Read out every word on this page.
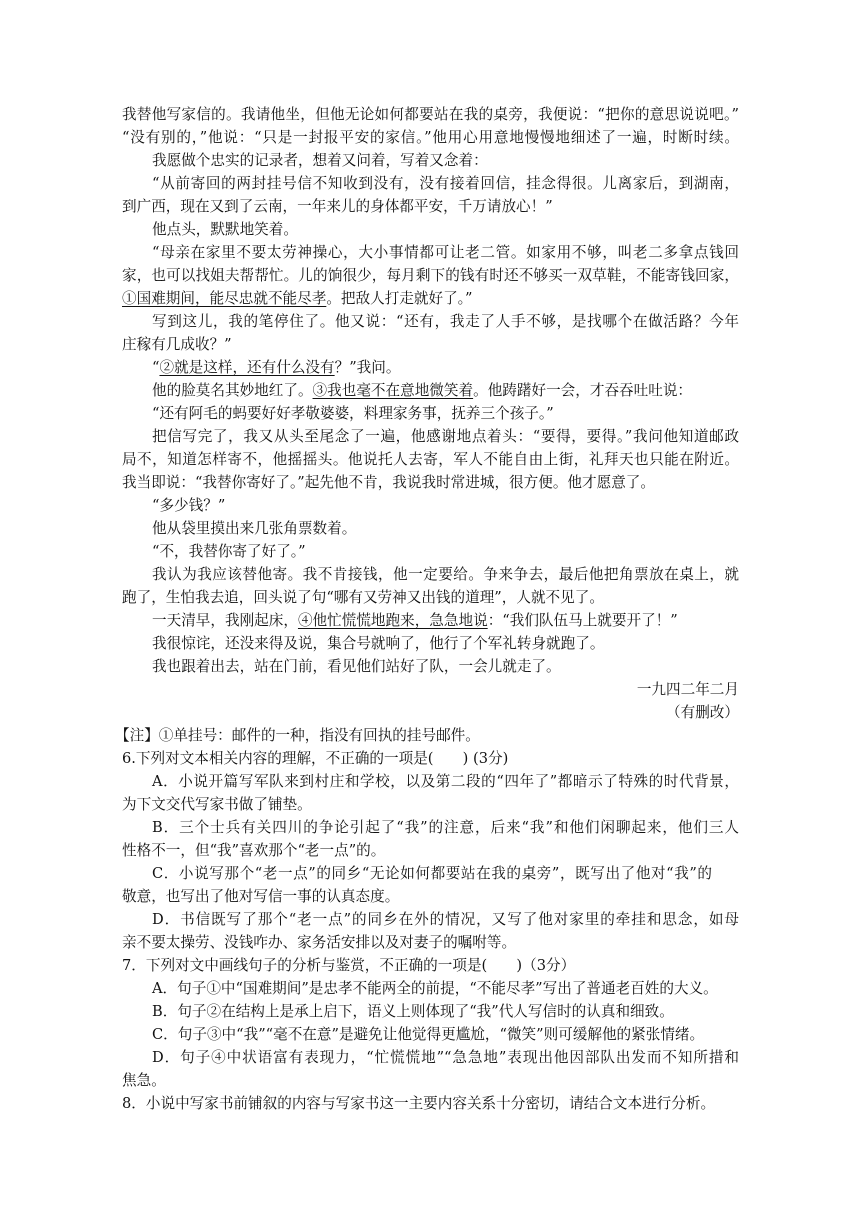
我替他写家信的。我请他坐，但他无论如何都要站在我的桌旁，我便说：“把你的意思说说吧。”
“没有别的，”他说：“只是一封报平安的家信。”他用心用意地慢慢地细述了一遍，时断时续。
我愿做个忠实的记录者，想着又问着，写着又念着：
“从前寄回的两封挂号信不知收到没有，没有接着回信，挂念得很。儿离家后，到湖南，
到广西，现在又到了云南，一年来儿的身体都平安，千万请放心！”
他点头，默默地笑着。
“母亲在家里不要太劳神操心，大小事情都可让老二管。如家用不够，叫老二多拿点钱回
家，也可以找姐夫帮帮忙。儿的饷很少，每月剩下的钱有时还不够买一双草鞋，不能寄钱回家，
①国难期间，能尽忠就不能尽孝。把敌人打走就好了。”
写到这儿，我的笔停住了。他又说：“还有，我走了人手不够，是找哪个在做活路？今年
庄稼有几成收？”
“②就是这样，还有什么没有？”我问。
他的脸莫名其妙地红了。③我也毫不在意地微笑着。他踌躇好一会，才吞吞吐吐说：
“还有阿毛的蚂要好好孝敬婆婆，料理家务事，抚养三个孩子。”
把信写完了，我又从头至尾念了一遍，他感谢地点着头：“要得，要得。”我问他知道邮政
局不，知道怎样寄不，他摇摇头。他说托人去寄，军人不能自由上街，礼拜天也只能在附近。
我当即说：“我替你寄好了。”起先他不肯，我说我时常进城，很方便。他才愿意了。
“多少钱？”
他从袋里摸出来几张角票数着。
“不，我替你寄了好了。”
我认为我应该替他寄。我不肯接钱，他一定要给。争来争去，最后他把角票放在桌上，就
跑了，生怕我去追，回头说了句“哪有又劳神又出钱的道理”，人就不见了。
一天清早，我刚起床，④他忙慌慌地跑来，急急地说：“我们队伍马上就要开了！”
我很惊诧，还没来得及说，集合号就响了，他行了个军礼转身就跑了。
我也跟着出去，站在门前，看见他们站好了队，一会儿就走了。
一九四二年二月
（有删改）
【注】①单挂号：邮件的一种，指没有回执的挂号邮件。
6.下列对文本相关内容的理解，不正确的一项是(　　) (3分)
A．小说开篇写军队来到村庄和学校，以及第二段的“四年了”都暗示了特殊的时代背景，
为下文交代写家书做了铺垫。
B．三个士兵有关四川的争论引起了“我”的注意，后来“我”和他们闲聊起来，他们三人
性格不一，但“我”喜欢那个“老一点”的。
C．小说写那个“老一点”的同乡“无论如何都要站在我的桌旁”，既写出了他对“我”的
敬意，也写出了他对写信一事的认真态度。
D．书信既写了那个“老一点”的同乡在外的情况，又写了他对家里的牵挂和思念，如母
亲不要太操劳、没钱咋办、家务活安排以及对妻子的嘱咐等。
7．下列对文中画线句子的分析与鉴赏，不正确的一项是(　　)（3分）
A．句子①中“国难期间”是忠孝不能两全的前提，“不能尽孝”写出了普通老百姓的大义。
B．句子②在结构上是承上启下，语义上则体现了“我”代人写信时的认真和细致。
C．句子③中“我”“毫不在意”是避免让他觉得更尴尬，“微笑”则可缓解他的紧张情绪。
D．句子④中状语富有表现力，“忙慌慌地”“急急地”表现出他因部队出发而不知所措和
焦急。
8．小说中写家书前铺叙的内容与写家书这一主要内容关系十分密切，请结合文本进行分析。
